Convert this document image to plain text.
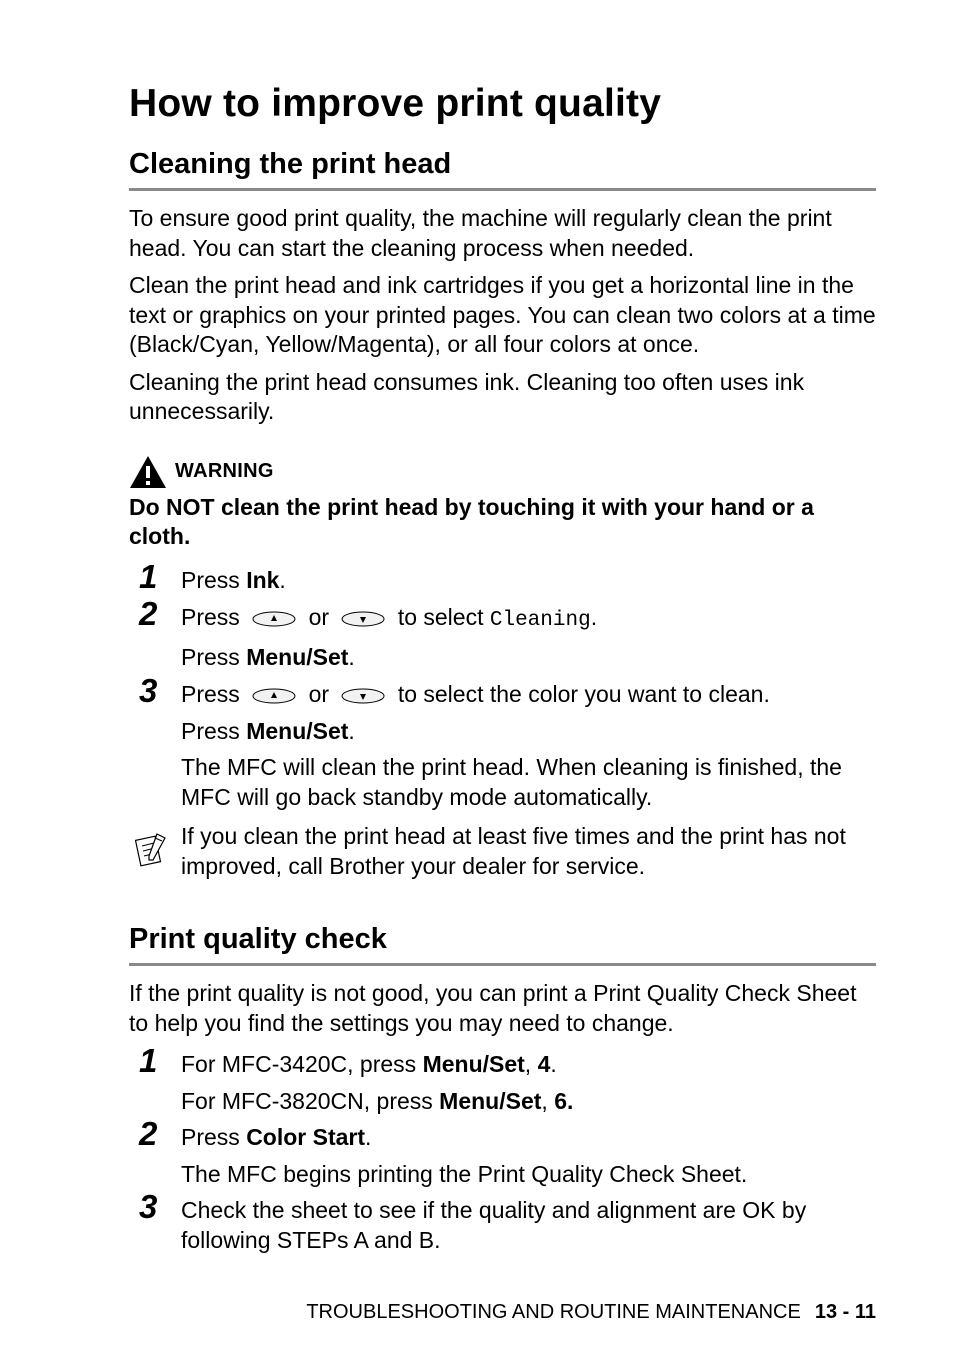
How to improve print quality
Cleaning the print head

To ensure good print quality, the machine will regularly clean the print head. You can start the cleaning process when needed.

Clean the print head and ink cartridges if you get a horizontal line in the text or graphics on your printed pages. You can clean two colors at a time (Black/Cyan, Yellow/Magenta), or all four colors at once.

Cleaning the print head consumes ink. Cleaning too often uses ink unnecessarily.

WARNING
Do NOT clean the print head by touching it with your hand or a cloth.
1 Press Ink.
2 Press	or	to select Cleaning.
Press Menu/Set.
3 Press	or	to select the color you want to clean.
Press Menu/Set.
The MFC will clean the print head. When cleaning is finished, the MFC will go back standby mode automatically.
If you clean the print head at least five times and the print has not improved, call Brother your dealer for service.
Print quality check

If the print quality is not good, you can print a Print Quality Check Sheet to help you find the settings you may need to change.

1 For MFC-3420C, press Menu/Set, 4.
For MFC-3820CN, press Menu/Set, 6.
2 Press Color Start.
The MFC begins printing the Print Quality Check Sheet.
3 Check the sheet to see if the quality and alignment are OK by following STEPs A and B.
TROUBLESHOOTING AND ROUTINE MAINTENANCE 13 - 11
